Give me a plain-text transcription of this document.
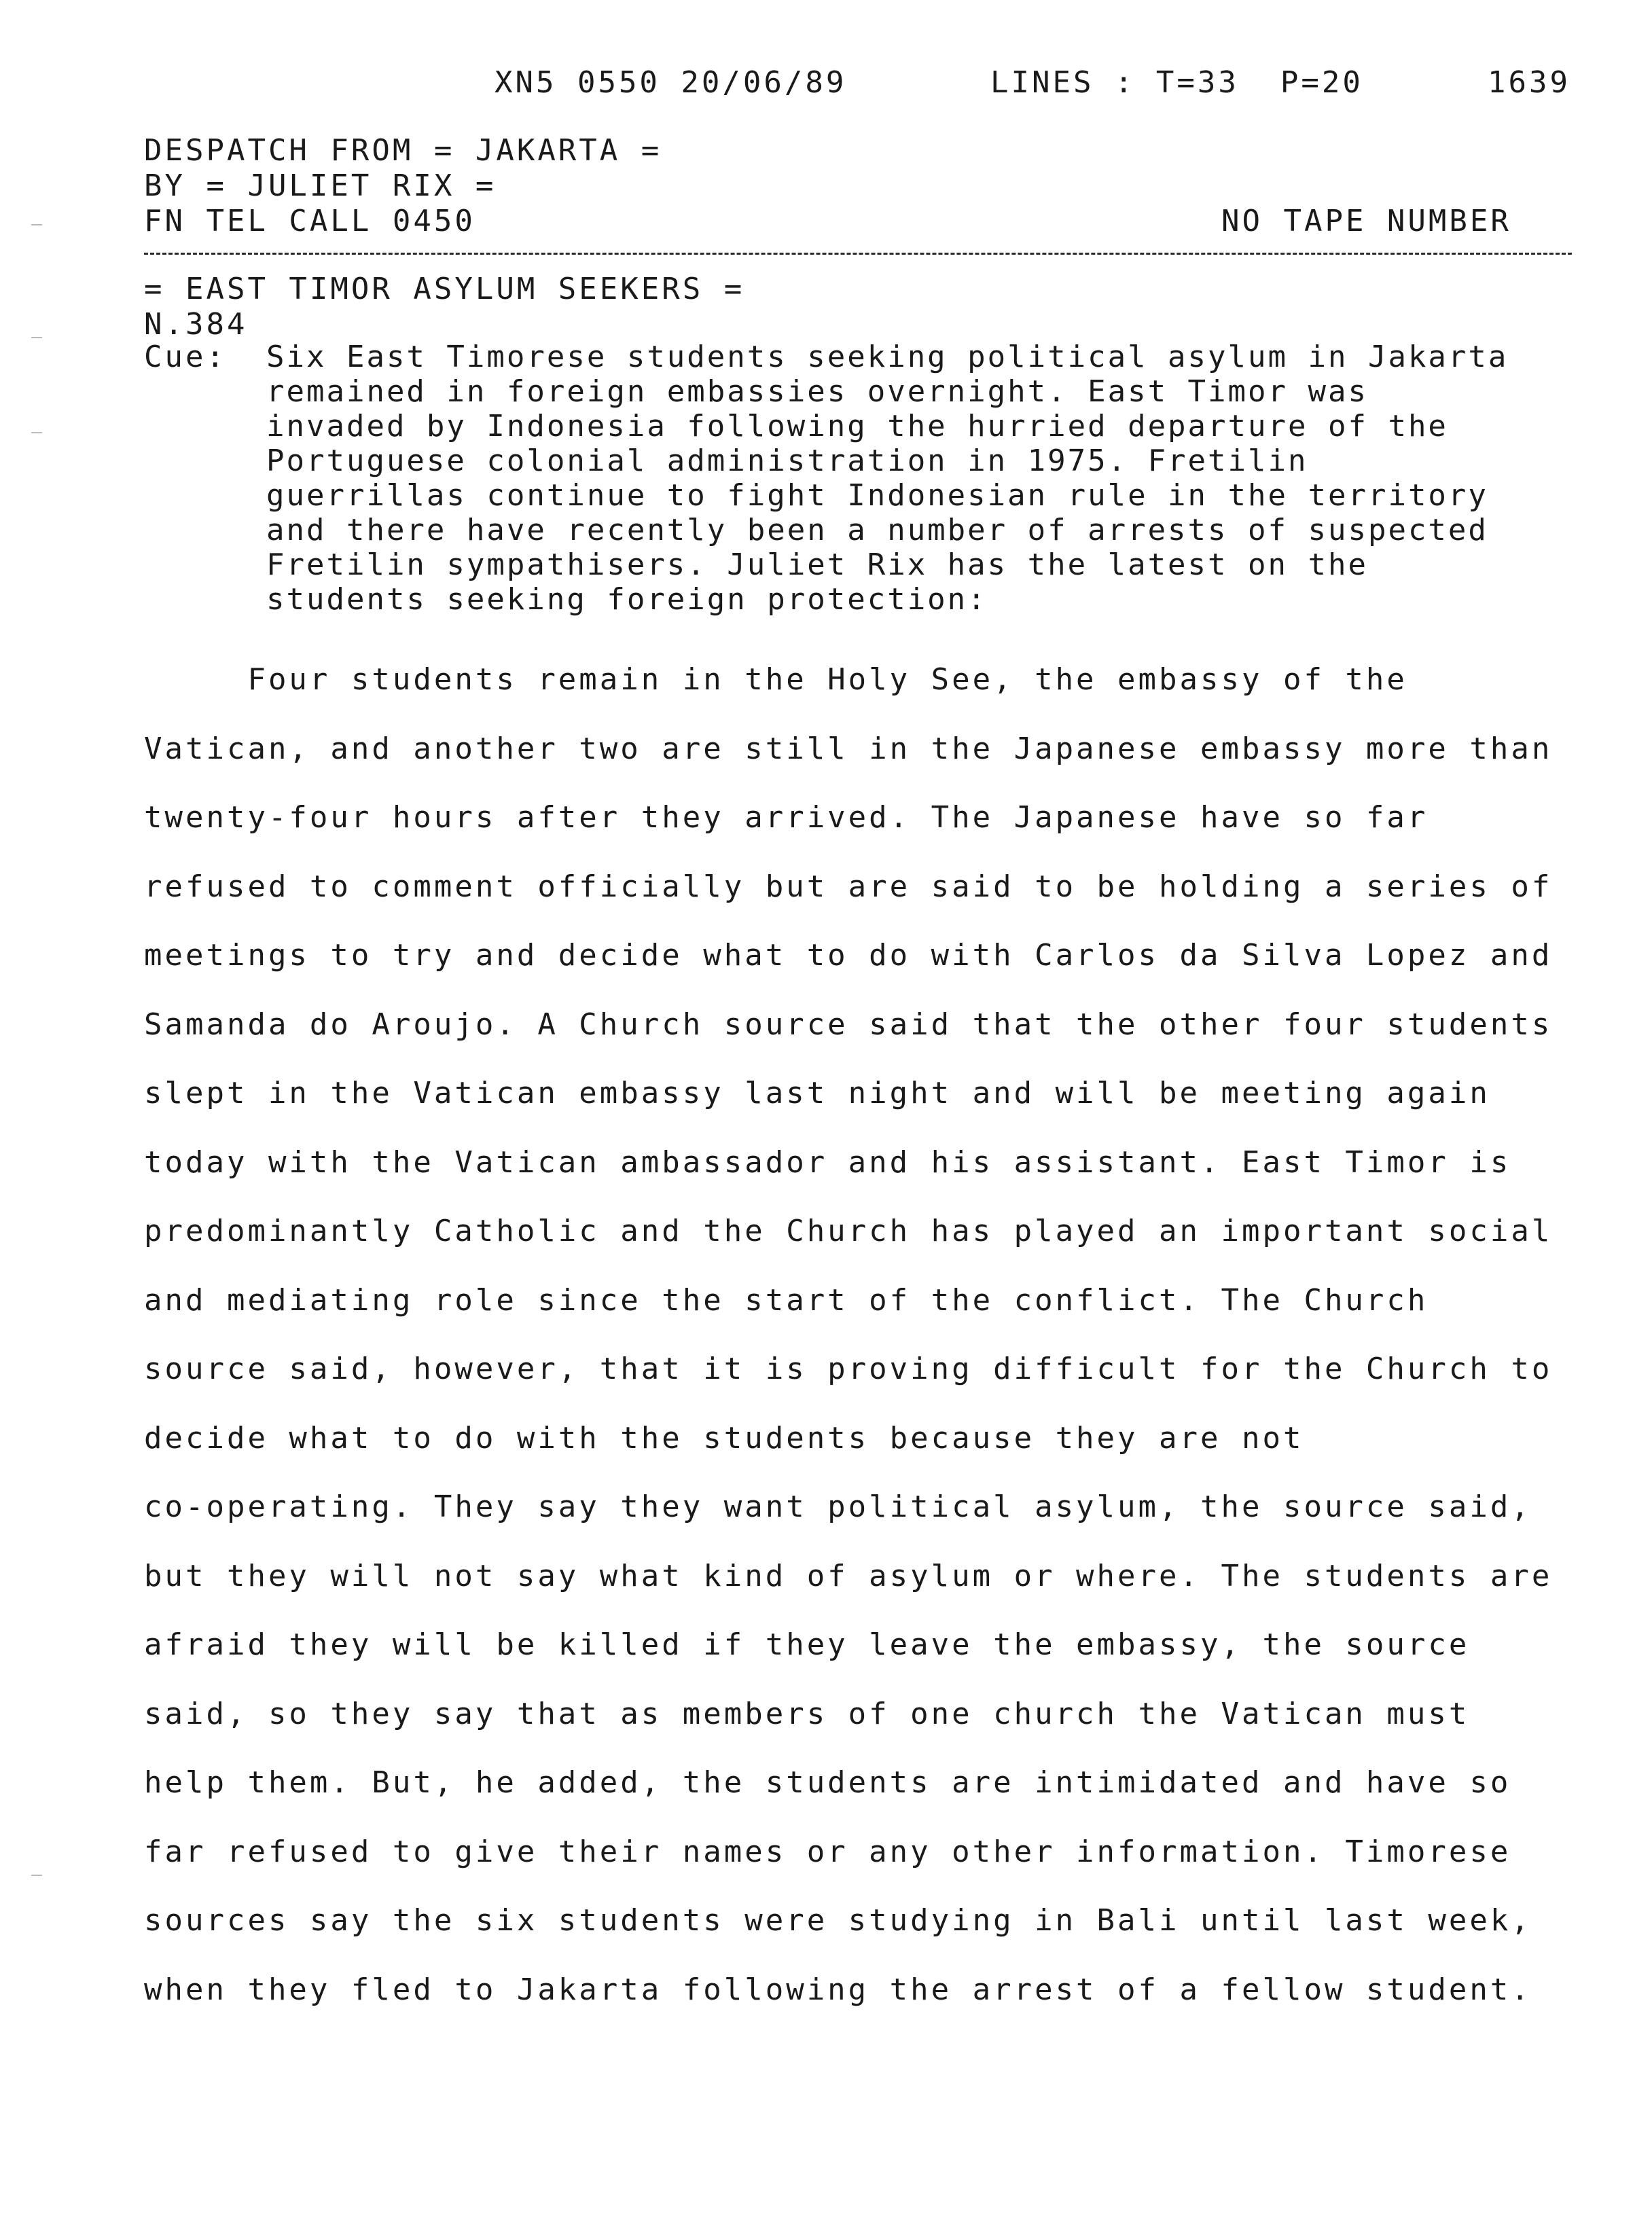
XN5 0550 20/06/89	LINES : T=33  P=20	1639
DESPATCH FROM = JAKARTA =
BY = JULIET RIX =
FN TEL CALL 0450	NO TAPE NUMBER
= EAST TIMOR ASYLUM SEEKERS =
N.384
Cue: Six East Timorese students seeking political asylum in Jakarta
remained in foreign embassies overnight. East Timor was
invaded by Indonesia following the hurried departure of the
Portuguese colonial administration in 1975. Fretilin
guerrillas continue to fight Indonesian rule in the territory
and there have recently been a number of arrests of suspected
Fretilin sympathisers. Juliet Rix has the latest on the
students seeking foreign protection:
Four students remain in the Holy See, the embassy of the
Vatican, and another two are still in the Japanese embassy more than
twenty-four hours after they arrived. The Japanese have so far
refused to comment officially but are said to be holding a series of
meetings to try and decide what to do with Carlos da Silva Lopez and
Samanda do Aroujo. A Church source said that the other four students
slept in the Vatican embassy last night and will be meeting again
today with the Vatican ambassador and his assistant. East Timor is
predominantly Catholic and the Church has played an important social
and mediating role since the start of the conflict. The Church
source said, however, that it is proving difficult for the Church to
decide what to do with the students because they are not
co-operating. They say they want political asylum, the source said,
but they will not say what kind of asylum or where. The students are
afraid they will be killed if they leave the embassy, the source
said, so they say that as members of one church the Vatican must
help them. But, he added, the students are intimidated and have so
far refused to give their names or any other information. Timorese
sources say the six students were studying in Bali until last week,
when they fled to Jakarta following the arrest of a fellow student.
